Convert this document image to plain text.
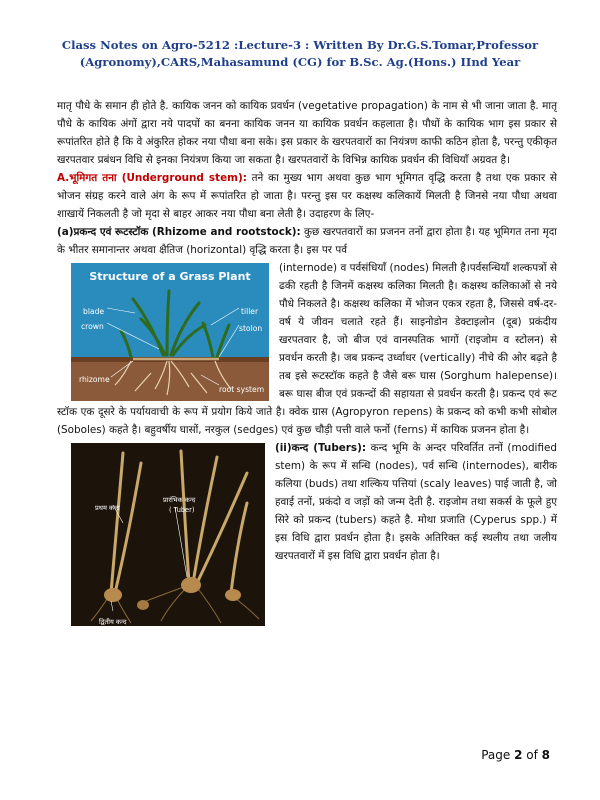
Class Notes on Agro-5212 :Lecture-3 : Written By Dr.G.S.Tomar,Professor
(Agronomy),CARS,Mahasamund (CG) for B.Sc. Ag.(Hons.) IInd Year

मातृ पौधे के समान ही होते है. कायिक जनन को कायिक प्रवर्धन (vegetative propagation) के नाम से भी जाना जाता है. मातृ पौधे के कायिक अंगों द्वारा नये पादपों का बनना कायिक जनन या कायिक प्रवर्धन कहलाता है। पौधों के कायिक भाग इस प्रकार से रूपांतरित होते है कि वे अंकुरित होकर नया पौधा बना सके। इस प्रकार के खरपतवारों का नियंत्रण काफी कठिन होता है, परन्तु एकीकृत खरपतवार प्रबंधन विधि से इनका नियंत्रण किया जा सकता है। खरपतवारों के विभिन्न कायिक प्रवर्धन की विधियाँ अग्रवत है।

A.भूमिगत तना (Underground stem): तने का मुख्य भाग अथवा कुछ भाग भूमिगत वृद्धि करता है तथा एक प्रकार से भोजन संग्रह करने वाले अंग के रूप में रूपांतरित हो जाता है। परन्तु इस पर कक्षस्थ कलिकायें मिलती है जिनसे नया पौधा अथवा शाखायें निकलती है जो मृदा से बाहर आकर नया पौधा बना लेती है। उदाहरण के लिए-

(a)प्रकन्द एवं रूटस्टॉक (Rhizome and rootstock): कुछ खरपतवारों का प्रजनन तनों द्वारा होता है। यह भूमिगत तना मृदा के भीतर समानान्तर अथवा क्षैतिज (horizontal) वृद्धि करता है। इस पर पर्व

Structure of a Grass Plant
blade
crown
tiller
stolon
rhizome
root system

(internode) व पर्वसंधियाँ (nodes) मिलती है।पर्वसन्धियाँ शल्कपत्रों से ढकी रहती है जिनमें कक्षस्थ कलिका मिलती है। कक्षस्थ कलिकाओं से नये पौधे निकलते है। कक्षस्थ कलिका में भोजन एकत्र रहता है, जिससे वर्ष-दर-वर्ष ये जीवन चलाते रहते हैं। साइनोडोन डेक्टाइलोन (दूब) प्रकंदीय खरपतवार है, जो बीज एवं वानस्पतिक भागों (राइजोम व स्टोलन) से प्रवर्धन करती है। जब प्रकन्द उर्ध्वाधर (vertically) नीचे की ओर बढ़ते है तब इसे रूटस्टॉक कहते है जैसे बरू घास (Sorghum halepense)। बरू घास बीज एवं प्रकन्दों की सहायता से प्रवर्धन करती है। प्रकन्द एवं रूट स्टॉक एक दूसरे के पर्यायवाची के रूप में प्रयोग किये जाते है। क्वेक ग्रास (Agropyron repens) के प्रकन्द को कभी कभी सोबोल (Soboles) कहते है। बहुवर्षीय घासों, नरकुल (sedges) एवं कुछ चौड़ी पत्ती वाले फर्नो (ferns) में कायिक प्रजनन होता है।

प्रथम कन्द
प्रारंभिक कन्द
( Tuber)
द्वितीय कन्द

(ii)कन्द (Tubers): कन्द भूमि के अन्दर परिवर्तित तनों (modified stem) के रूप में सन्धि (nodes), पर्व सन्धि (internodes), बारीक कलिया (buds) तथा शल्किय पत्तियां (scaly leaves) पाई जाती है, जो हवाई तनों, प्रकंदो व जड़ों को जन्म देती है. राइजोम तथा सकर्स के फूले हुए सिरे को प्रकन्द (tubers) कहते है. मोथा प्रजाति (Cyperus spp.) में इस विधि द्वारा प्रवर्धन होता है। इसके अतिरिक्त कई स्थलीय तथा जलीय खरपतवारों में इस विधि द्वारा प्रवर्धन होता है।

Page 2 of 8
